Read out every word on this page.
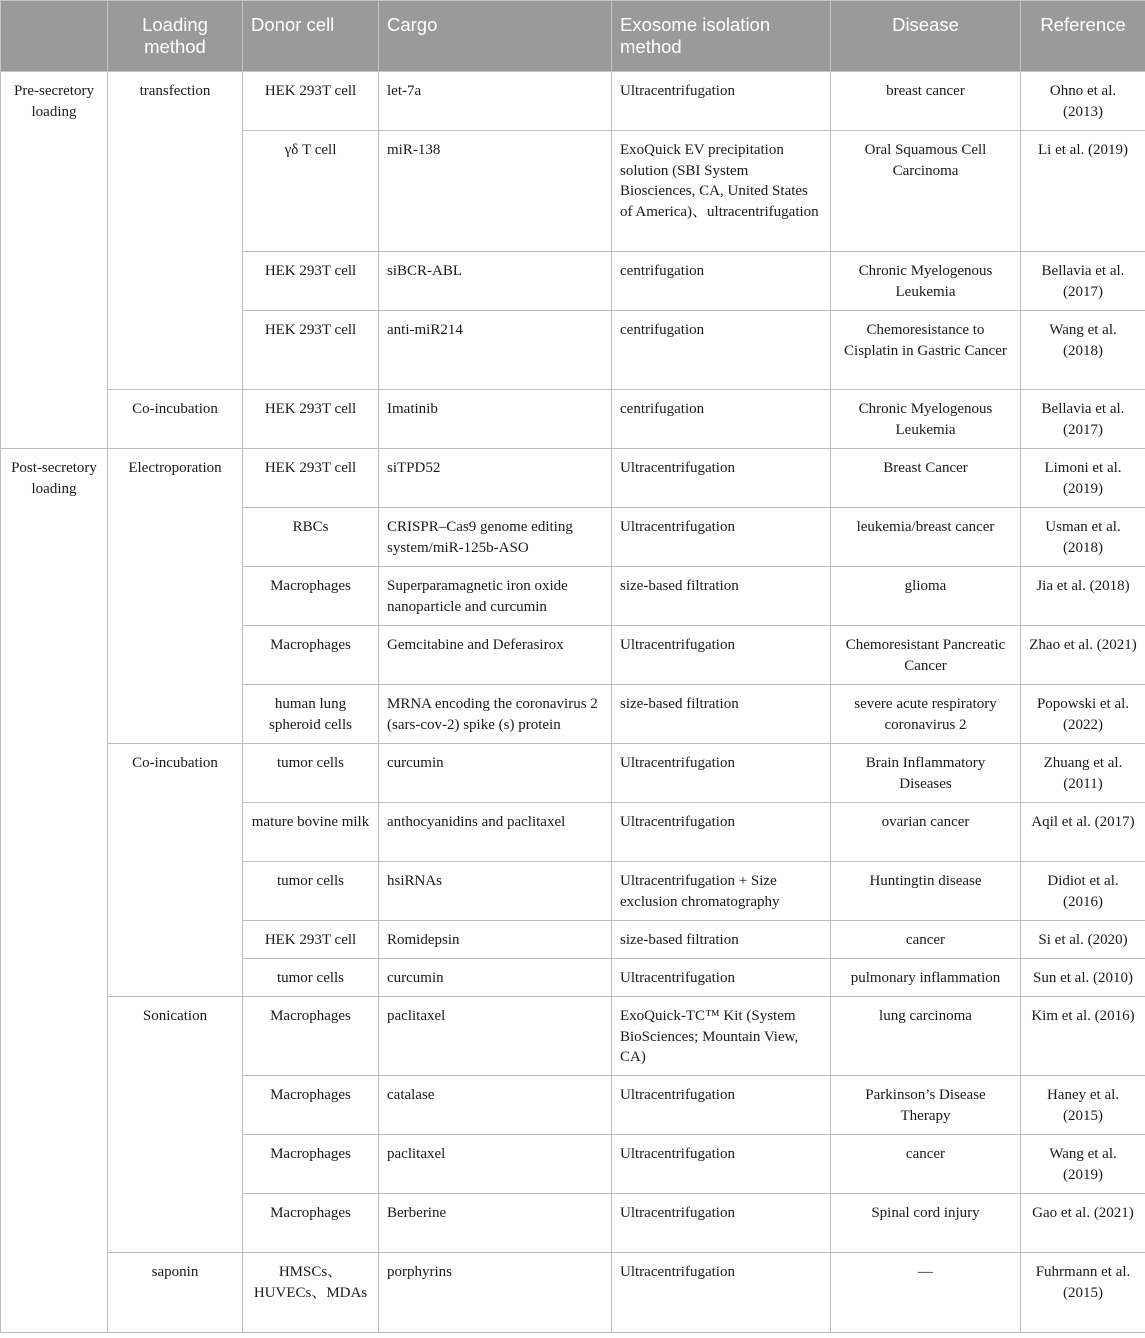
	Loading method	Donor cell	Cargo	Exosome isolation method	Disease	Reference
Pre-secretory loading	transfection	HEK 293T cell	let-7a	Ultracentrifugation	breast cancer	Ohno et al. (2013)
		γδ T cell	miR-138	ExoQuick EV precipitation solution (SBI System Biosciences, CA, United States of America)、ultracentrifugation	Oral Squamous Cell Carcinoma	Li et al. (2019)
		HEK 293T cell	siBCR-ABL	centrifugation	Chronic Myelogenous Leukemia	Bellavia et al. (2017)
		HEK 293T cell	anti-miR214	centrifugation	Chemoresistance to Cisplatin in Gastric Cancer	Wang et al. (2018)
	Co-incubation	HEK 293T cell	Imatinib	centrifugation	Chronic Myelogenous Leukemia	Bellavia et al. (2017)
Post-secretory loading	Electroporation	HEK 293T cell	siTPD52	Ultracentrifugation	Breast Cancer	Limoni et al. (2019)
		RBCs	CRISPR–Cas9 genome editing system/miR-125b-ASO	Ultracentrifugation	leukemia/breast cancer	Usman et al. (2018)
		Macrophages	Superparamagnetic iron oxide nanoparticle and curcumin	size-based filtration	glioma	Jia et al. (2018)
		Macrophages	Gemcitabine and Deferasirox	Ultracentrifugation	Chemoresistant Pancreatic Cancer	Zhao et al. (2021)
		human lung spheroid cells	MRNA encoding the coronavirus 2 (sars-cov-2) spike (s) protein	size-based filtration	severe acute respiratory coronavirus 2	Popowski et al. (2022)
	Co-incubation	tumor cells	curcumin	Ultracentrifugation	Brain Inflammatory Diseases	Zhuang et al. (2011)
		mature bovine milk	anthocyanidins and paclitaxel	Ultracentrifugation	ovarian cancer	Aqil et al. (2017)
		tumor cells	hsiRNAs	Ultracentrifugation + Size exclusion chromatography	Huntingtin disease	Didiot et al. (2016)
		HEK 293T cell	Romidepsin	size-based filtration	cancer	Si et al. (2020)
		tumor cells	curcumin	Ultracentrifugation	pulmonary inflammation	Sun et al. (2010)
	Sonication	Macrophages	paclitaxel	ExoQuick-TC™ Kit (System BioSciences; Mountain View, CA)	lung carcinoma	Kim et al. (2016)
		Macrophages	catalase	Ultracentrifugation	Parkinson’s Disease Therapy	Haney et al. (2015)
		Macrophages	paclitaxel	Ultracentrifugation	cancer	Wang et al. (2019)
		Macrophages	Berberine	Ultracentrifugation	Spinal cord injury	Gao et al. (2021)
	saponin	HMSCs、HUVECs、MDAs	porphyrins	Ultracentrifugation	—	Fuhrmann et al. (2015)
